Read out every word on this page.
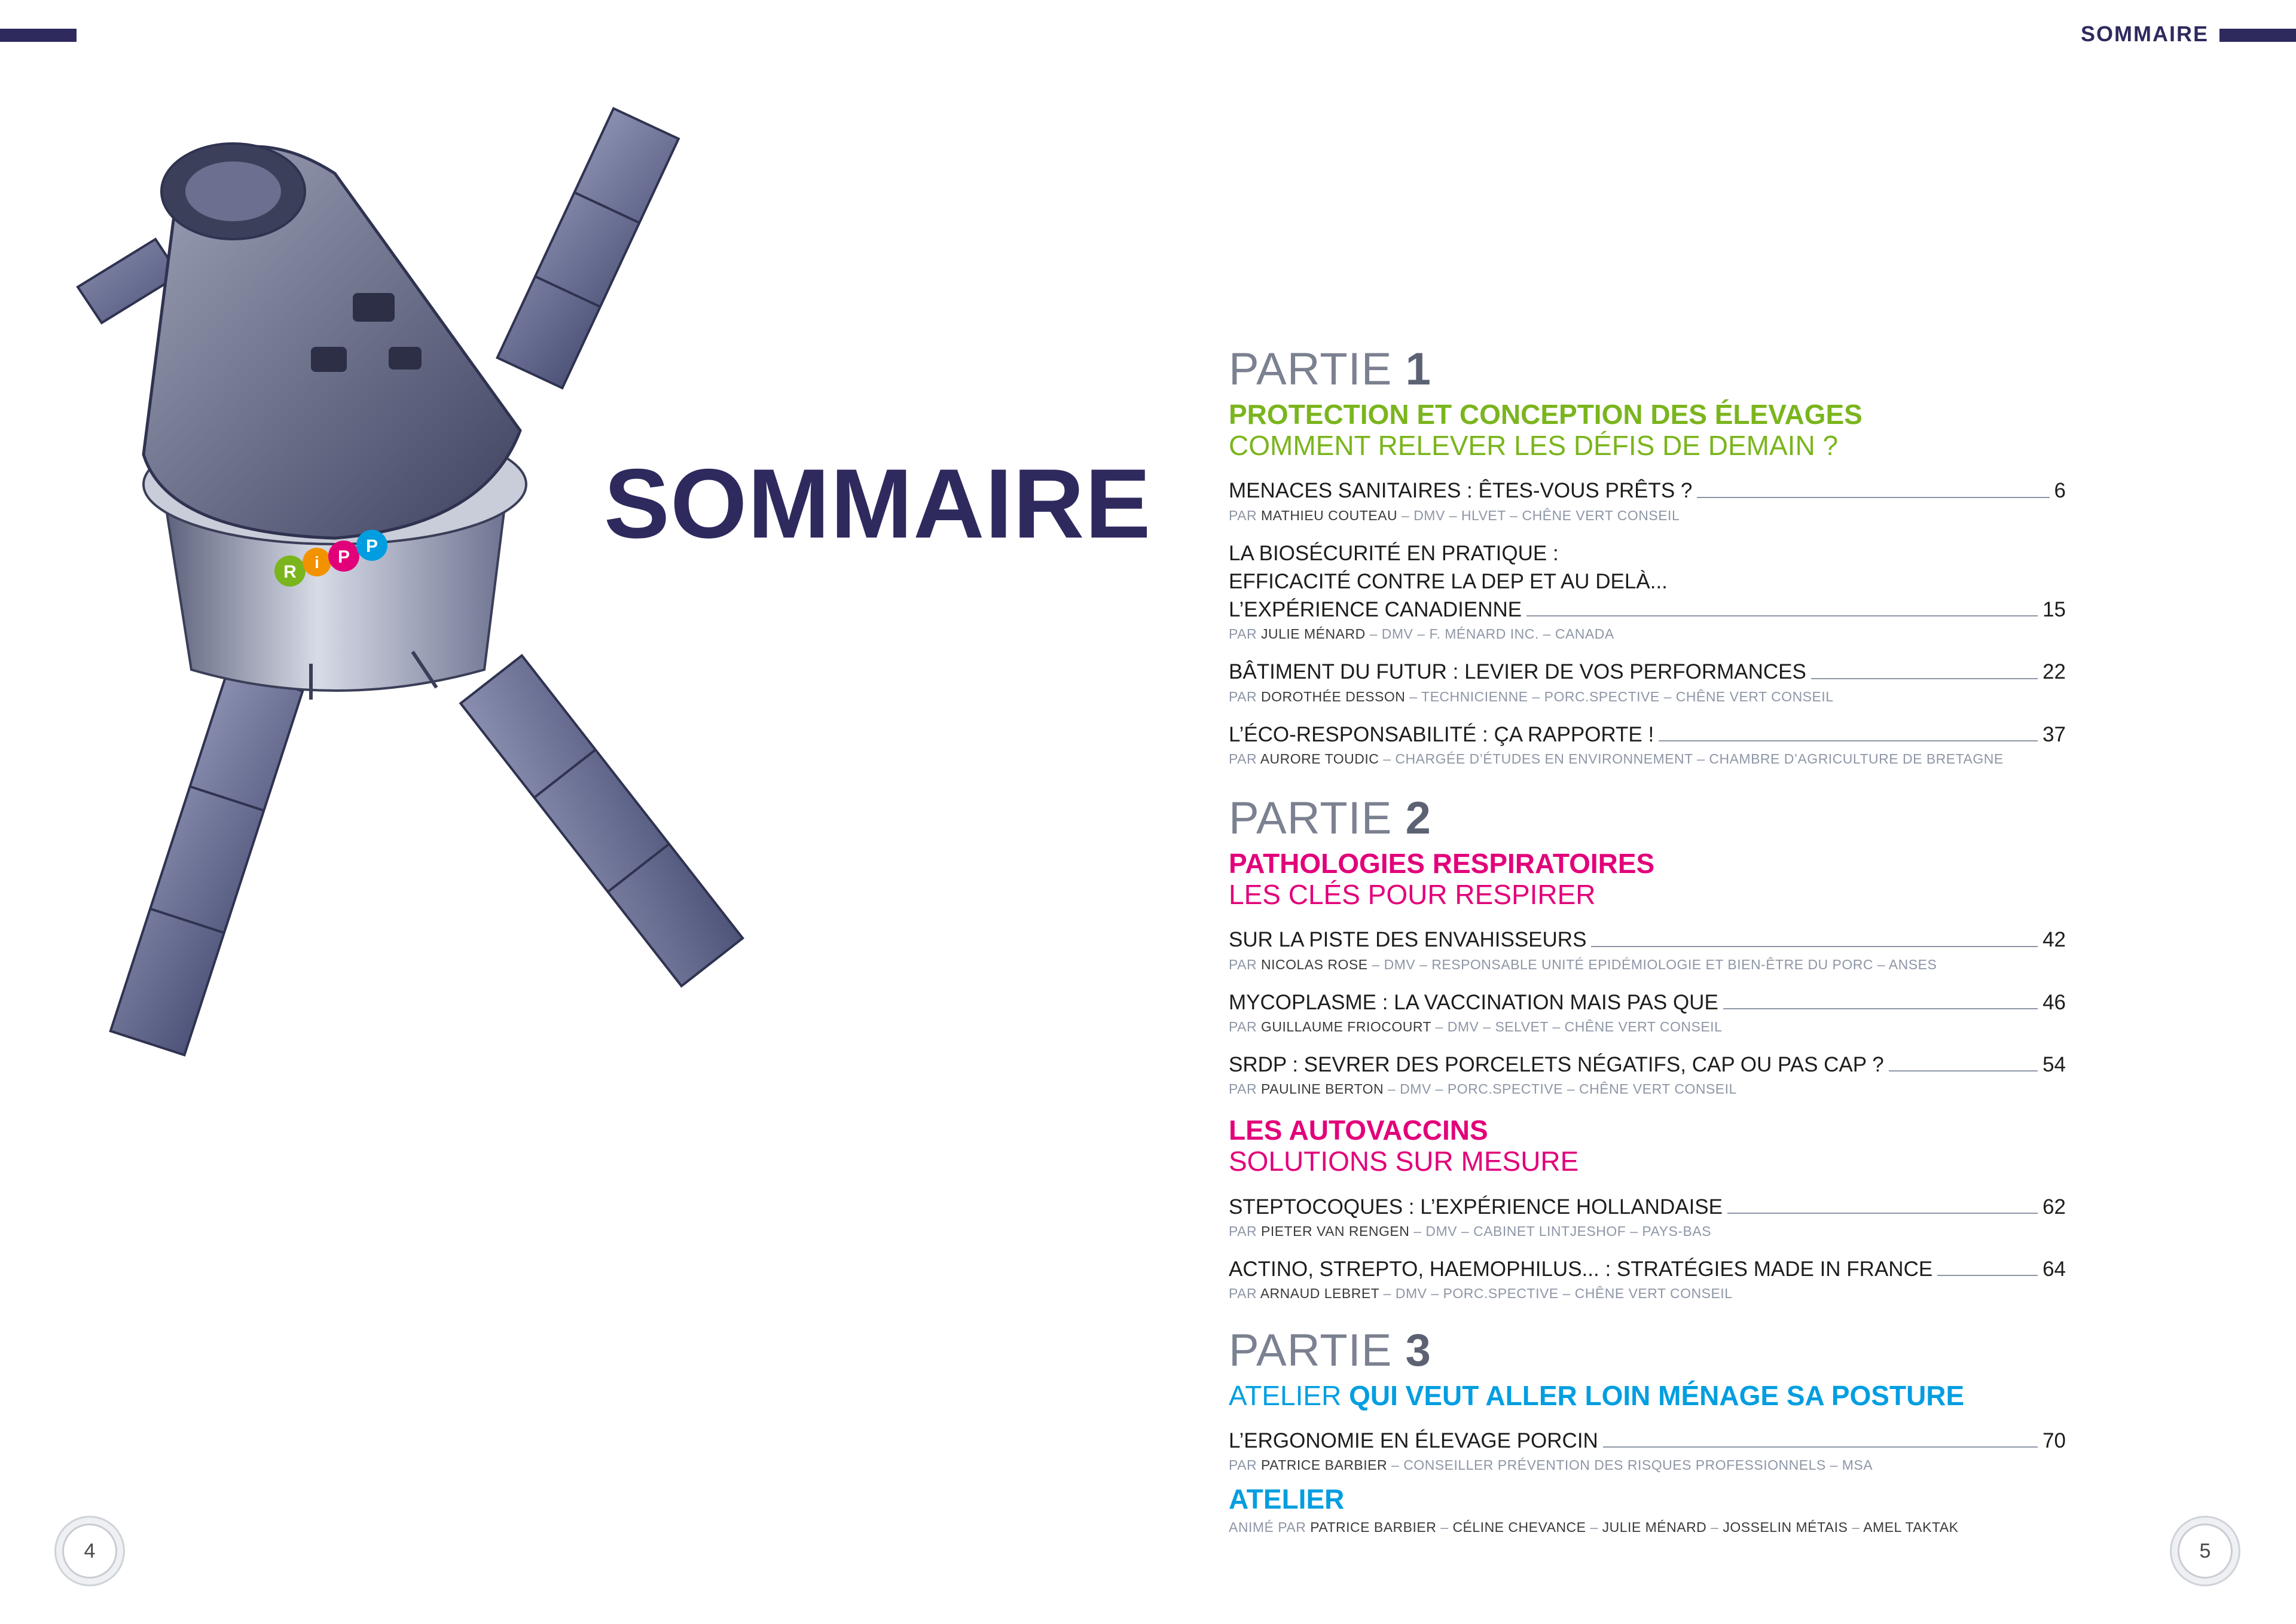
SOMMAIRE
R i P
P SOMMAIRE
PARTIE 1
PROTECTION ET CONCEPTION DES ÉLEVAGES
COMMENT RELEVER LES DÉFIS DE DEMAIN ?
MENACES SANITAIRES : ÊTES-VOUS PRÊTS ?	6
PAR MATHIEU COUTEAU – DMV – HLVET – CHÊNE VERT CONSEIL
LA BIOSÉCURITÉ EN PRATIQUE :
EFFICACITÉ CONTRE LA DEP ET AU DELÀ...
L’EXPÉRIENCE CANADIENNE	15
PAR JULIE MÉNARD – DMV – F. MÉNARD INC. – CANADA
BÂTIMENT DU FUTUR : LEVIER DE VOS PERFORMANCES	22
PAR DOROTHÉE DESSON – TECHNICIENNE – PORC.SPECTIVE – CHÊNE VERT CONSEIL
L’ÉCO-RESPONSABILITÉ : ÇA RAPPORTE !	37
PAR AURORE TOUDIC – CHARGÉE D’ÉTUDES EN ENVIRONNEMENT – CHAMBRE D’AGRICULTURE DE BRETAGNE
PARTIE 2
PATHOLOGIES RESPIRATOIRES
LES CLÉS POUR RESPIRER
SUR LA PISTE DES ENVAHISSEURS	42
PAR NICOLAS ROSE – DMV – RESPONSABLE UNITÉ EPIDÉMIOLOGIE ET BIEN-ÊTRE DU PORC – ANSES
MYCOPLASME : LA VACCINATION MAIS PAS QUE	46
PAR GUILLAUME FRIOCOURT – DMV – SELVET – CHÊNE VERT CONSEIL
SRDP : SEVRER DES PORCELETS NÉGATIFS, CAP OU PAS CAP ?	54
PAR PAULINE BERTON – DMV – PORC.SPECTIVE – CHÊNE VERT CONSEIL
LES AUTOVACCINS
SOLUTIONS SUR MESURE
STEPTOCOQUES : L’EXPÉRIENCE HOLLANDAISE	62
PAR PIETER VAN RENGEN – DMV – CABINET LINTJESHOF – PAYS-BAS
ACTINO, STREPTO, HAEMOPHILUS... : STRATÉGIES MADE IN FRANCE	64
PAR ARNAUD LEBRET – DMV – PORC.SPECTIVE – CHÊNE VERT CONSEIL
PARTIE 3
ATELIER QUI VEUT ALLER LOIN MÉNAGE SA POSTURE
L’ERGONOMIE EN ÉLEVAGE PORCIN	70
PAR PATRICE BARBIER – CONSEILLER PRÉVENTION DES RISQUES PROFESSIONNELS – MSA
ATELIER
ANIMÉ PAR PATRICE BARBIER – CÉLINE CHEVANCE – JULIE MÉNARD – JOSSELIN MÉTAIS – AMEL TAKTAK
4	5
